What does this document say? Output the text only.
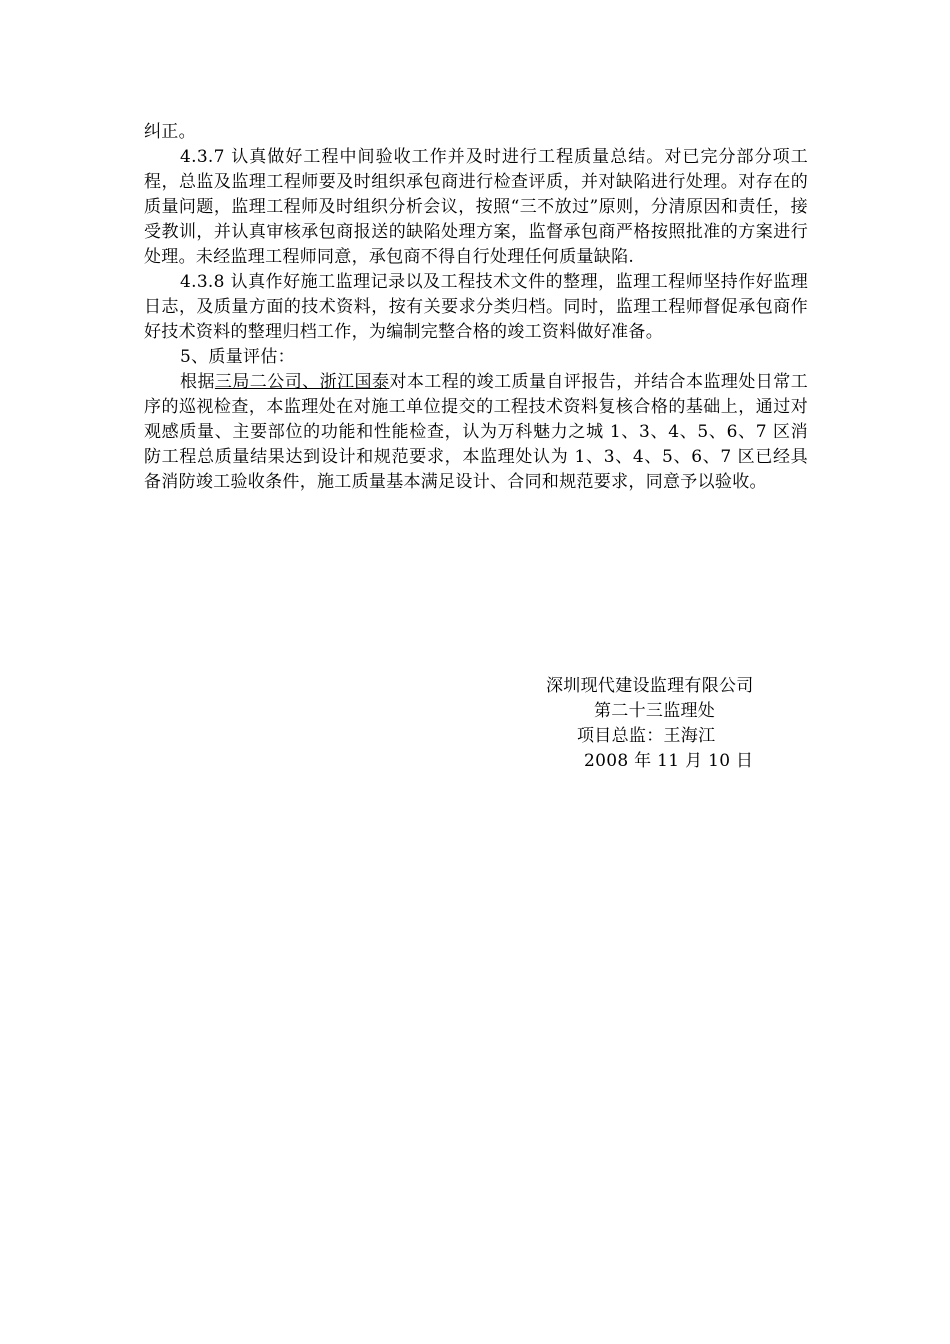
纠正。

4.3.7 认真做好工程中间验收工作并及时进行工程质量总结。对已完分部分项工程，总监及监理工程师要及时组织承包商进行检查评质，并对缺陷进行处理。对存在的质量问题，监理工程师及时组织分析会议，按照“三不放过”原则，分清原因和责任，接受教训，并认真审核承包商报送的缺陷处理方案，监督承包商严格按照批准的方案进行处理。未经监理工程师同意，承包商不得自行处理任何质量缺陷.

4.3.8 认真作好施工监理记录以及工程技术文件的整理，监理工程师坚持作好监理日志，及质量方面的技术资料，按有关要求分类归档。同时，监理工程师督促承包商作好技术资料的整理归档工作，为编制完整合格的竣工资料做好准备。

5、质量评估：

根据三局二公司、浙江国泰对本工程的竣工质量自评报告，并结合本监理处日常工序的巡视检查，本监理处在对施工单位提交的工程技术资料复核合格的基础上，通过对观感质量、主要部位的功能和性能检查，认为万科魅力之城 1、3、4、5、6、7 区消防工程总质量结果达到设计和规范要求，本监理处认为 1、3、4、5、6、7 区已经具备消防竣工验收条件，施工质量基本满足设计、合同和规范要求，同意予以验收。

深圳现代建设监理有限公司
第二十三监理处
项目总监：王海江
2008 年 11 月 10 日
